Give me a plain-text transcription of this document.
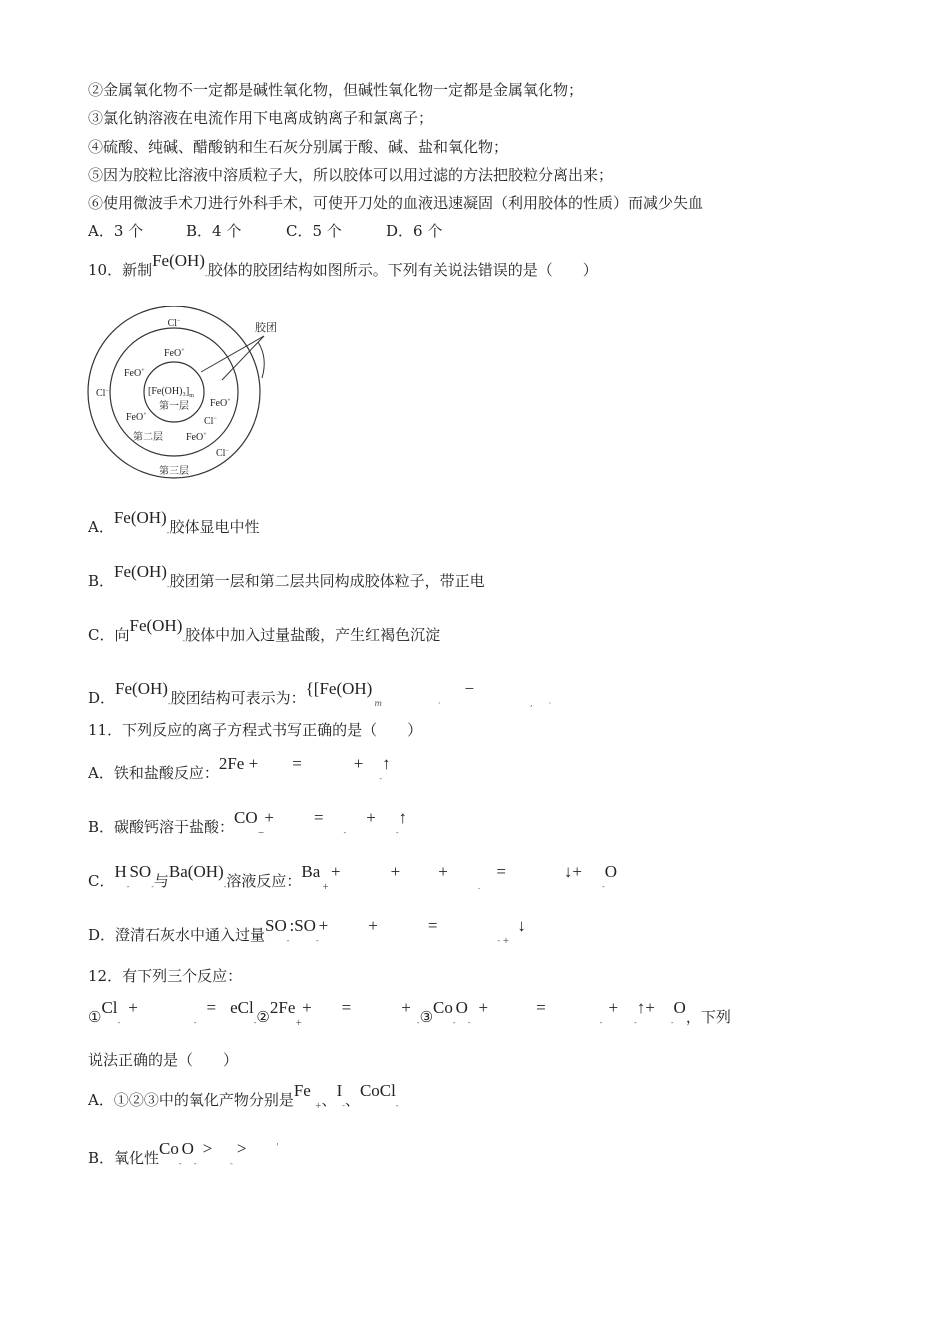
②金属氧化物不一定都是碱性氧化物，但碱性氧化物一定都是金属氧化物；
③氯化钠溶液在电流作用下电离成钠离子和氯离子；
④硫酸、纯碱、醋酸钠和生石灰分别属于酸、碱、盐和氧化物；
⑤因为胶粒比溶液中溶质粒子大，所以胶体可以用过滤的方法把胶粒分离出来；
⑥使用微波手术刀进行外科手术，可使开刀处的血液迅速凝固（利用胶体的性质）而减少失血
A．3 个	B．4 个	C．5 个	D．6 个
10．新制$Fe(OH)_-$胶体的胶团结构如图所示。下列有关说法错误的是（　　）
胶团
Cl−
Cl−
Cl−
Cl−
FeO+
FeO+
FeO+
FeO+
FeO+
$[Fe(OH)_3]_m$
第一层
第二层
第三层
A．$Fe(OH)_-$胶体显电中性
B．$Fe(OH)_-$胶团第一层和第二层共同构成胶体粒子，带正电
C．向$Fe(OH)_-$胶体中加入过量盐酸，产生红褐色沉淀
D．$Fe(OH)_-$胶团结构可表示为：{[$Fe(OH)_m$	$_\cdot-_,$ $_\cdot$
11．下列反应的离子方程式书写正确的是（　　）
A．铁和盐酸反应：2Fe + =	$+_-↑$
B．碳酸钙溶于盐酸：$CO_-+$ $=_-+_-↑$
C．$H_-SO_-$与$Ba(OH)_-$溶液反应：$Ba_++$	+ $+_.=$	$↓+_-O$
D．澄清石灰水中通入过量$SO_-:SO_-+$ +	$=_{- +}↓$
12．有下列三个反应：
$①Cl_-+_-=$ $eCl_-②2Fe_++$ =	$+_-③Co_-O_-+$	$=_-+_-↑+_-O$，下列
说法正确的是（　　）
A．①②③中的氧化产物分别是$Fe_+$、$I_-$、CoCl$_-$
B．氧化性$Co_-O_->_->$	'
